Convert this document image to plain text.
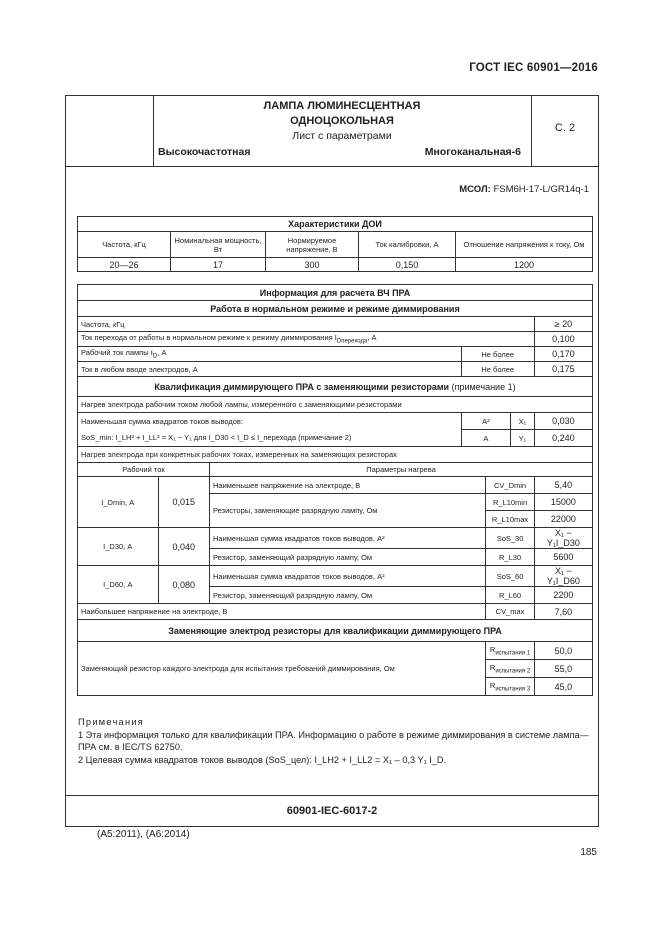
ГОСТ IEC 60901—2016
ЛАМПА ЛЮМИНЕСЦЕНТНАЯ
ОДНОЦОКОЛЬНАЯ
Лист с параметрами
Высокочастотная	Многоканальная-6
С. 2
МСОЛ: FSM6H-17-L/GR14q-1
Характеристики ДОИ				
Частота, кГц	Номинальная мощность, Вт	Нормируемое напряжение, В	Ток калибровки, А	Отношение напряжения к току, Ом
20—26	17	300	0,150	1200
Информация для расчета ВЧ ПРА						
Работа в нормальном режиме и режиме диммирования						
Частота, кГц						≥ 20
Ток перехода от работы в нормальном режиме к режиму диммирования $I_{Dперехода}$, А						0,100
Рабочий ток лампы $I_D$, А			Не более			0,170
Ток в любом вводе электродов, А			Не более			0,175
Квалификация диммирующего ПРА с заменяющими резисторами (примечание 1)						
Нагрев электрода рабочим током любой лампы, измеренного с заменяющими резисторами						
Наименьшая сумма квадратов токов выводов:			А²		X₁	0,030
SoS_min: I_LH² + I_LL² = X₁ − Y₁ для I_D30 < I_D ≤ I_перехода (примечание 2)			А		Y₁	0,240
Нагрев электрода при конкретных рабочих токах, измеренных на заменяющих резисторах						
Рабочий ток		Параметры нагрева				
I_Dmin, А	0,015	Наименьшее напряжение на электроде, В		CV_Dmin		5,40
		Резисторы, заменяющие разрядную лампу, Ом		R_L10min		15000
				R_L10max		22000
I_D30, А	0,040	Наименьшая сумма квадратов токов выводов, А²		SoS_30		X₁ − Y₁I_D30
		Резистор, заменяющий разрядную лампу, Ом		R_L30		5600
I_D60, А	0,080	Наименьшая сумма квадратов токов выводов, А²		SoS_60		X₁ − Y₁I_D60
		Резистор, заменяющий разрядную лампу, Ом		R_L60		2200
Наибольшее напряжение на электроде, В				CV_max		7,60
Заменяющие электрод резисторы для квалификации диммирующего ПРА						
Заменяющий резистор каждого электрода для испытания требований диммирования, Ом				$R_{испытания 1}$		50,0
				$R_{испытания 2}$		55,0
				$R_{испытания 3}$		45,0
Примечания
1 Эта информация только для квалификации ПРА. Информацию о работе в режиме диммирования в системе лампа—ПРА см. в IEC/TS 62750.
2 Целевая сумма квадратов токов выводов (SoS_цел): I_LH2 + I_LL2 = X₁ – 0,3 Y₁ I_D.
60901-IEC-6017-2
(A5:2011), (A6:2014)
185
